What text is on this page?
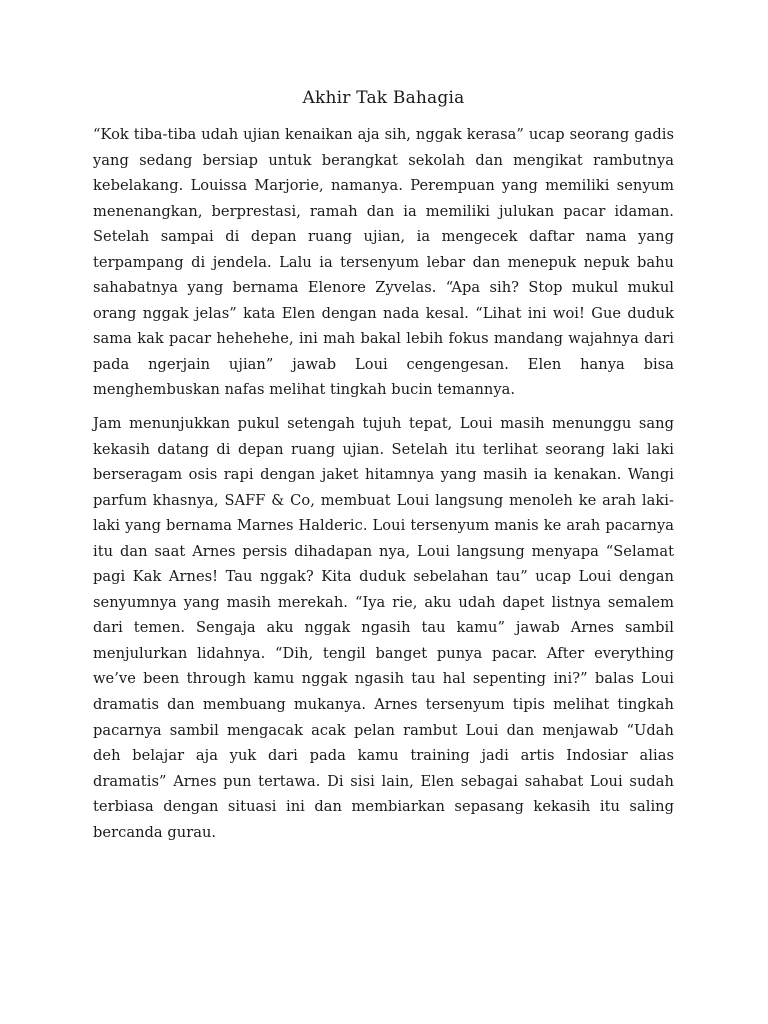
Akhir Tak Bahagia

“Kok tiba-tiba udah ujian kenaikan aja sih, nggak kerasa” ucap seorang gadis yang sedang bersiap untuk berangkat sekolah dan mengikat rambutnya kebelakang. Louissa Marjorie, namanya. Perempuan yang memiliki senyum menenangkan, berprestasi, ramah dan ia memiliki julukan pacar idaman. Setelah sampai di depan ruang ujian, ia mengecek daftar nama yang terpampang di jendela. Lalu ia tersenyum lebar dan menepuk nepuk bahu sahabatnya yang bernama Elenore Zyvelas. “Apa sih? Stop mukul mukul orang nggak jelas” kata Elen dengan nada kesal. “Lihat ini woi! Gue duduk sama kak pacar hehehehe, ini mah bakal lebih fokus mandang wajahnya dari pada ngerjain ujian” jawab Loui cengengesan. Elen hanya bisa menghembuskan nafas melihat tingkah bucin temannya.

Jam menunjukkan pukul setengah tujuh tepat, Loui masih menunggu sang kekasih datang di depan ruang ujian. Setelah itu terlihat seorang laki laki berseragam osis rapi dengan jaket hitamnya yang masih ia kenakan. Wangi parfum khasnya, SAFF & Co, membuat Loui langsung menoleh ke arah laki-laki yang bernama Marnes Halderic. Loui tersenyum manis ke arah pacarnya itu dan saat Arnes persis dihadapan nya, Loui langsung menyapa “Selamat pagi Kak Arnes! Tau nggak? Kita duduk sebelahan tau” ucap Loui dengan senyumnya yang masih merekah. “Iya rie, aku udah dapet listnya semalem dari temen. Sengaja aku nggak ngasih tau kamu” jawab Arnes sambil menjulurkan lidahnya. “Dih, tengil banget punya pacar. After everything we’ve been through kamu nggak ngasih tau hal sepenting ini?” balas Loui dramatis dan membuang mukanya. Arnes tersenyum tipis melihat tingkah pacarnya sambil mengacak acak pelan rambut Loui dan menjawab “Udah deh belajar aja yuk dari pada kamu training jadi artis Indosiar alias dramatis” Arnes pun tertawa. Di sisi lain, Elen sebagai sahabat Loui sudah terbiasa dengan situasi ini dan membiarkan sepasang kekasih itu saling bercanda gurau.
